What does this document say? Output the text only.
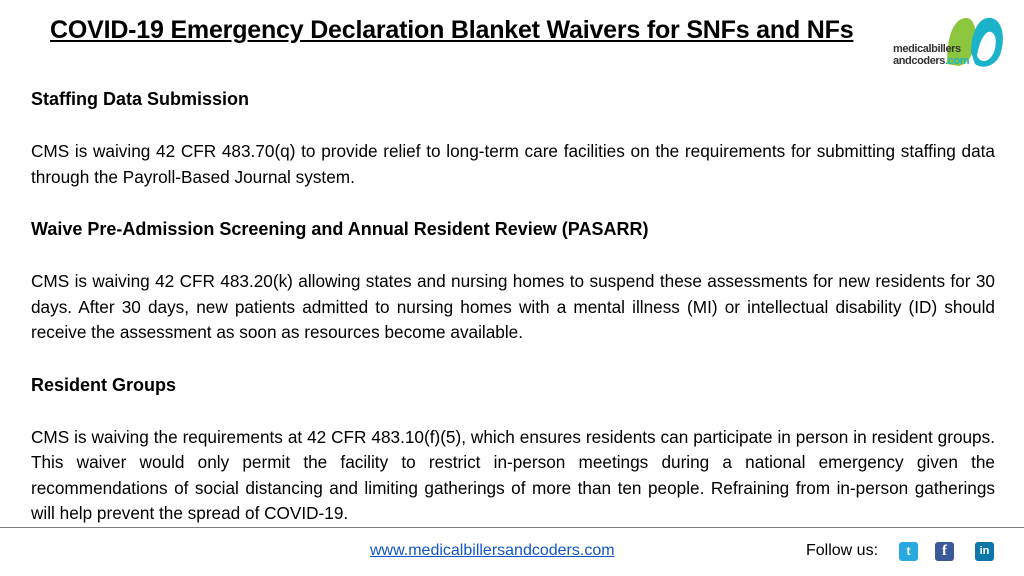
COVID-19 Emergency Declaration Blanket Waivers for SNFs and NFs
medicalbillers
andcoders.com
Staffing Data Submission

CMS is waiving 42 CFR 483.70(q) to provide relief to long-term care facilities on the requirements for submitting staffing data through the Payroll-Based Journal system.

Waive Pre-Admission Screening and Annual Resident Review (PASARR)

CMS is waiving 42 CFR 483.20(k) allowing states and nursing homes to suspend these assessments for new residents for 30 days. After 30 days, new patients admitted to nursing homes with a mental illness (MI) or intellectual disability (ID) should receive the assessment as soon as resources become available.

Resident Groups

CMS is waiving the requirements at 42 CFR 483.10(f)(5), which ensures residents can participate in person in resident groups. This waiver would only permit the facility to restrict in-person meetings during a national emergency given the recommendations of social distancing and limiting gatherings of more than ten people. Refraining from in-person gatherings will help prevent the spread of COVID-19.

www.medicalbillersandcoders.com	Follow us:	t	f	in
